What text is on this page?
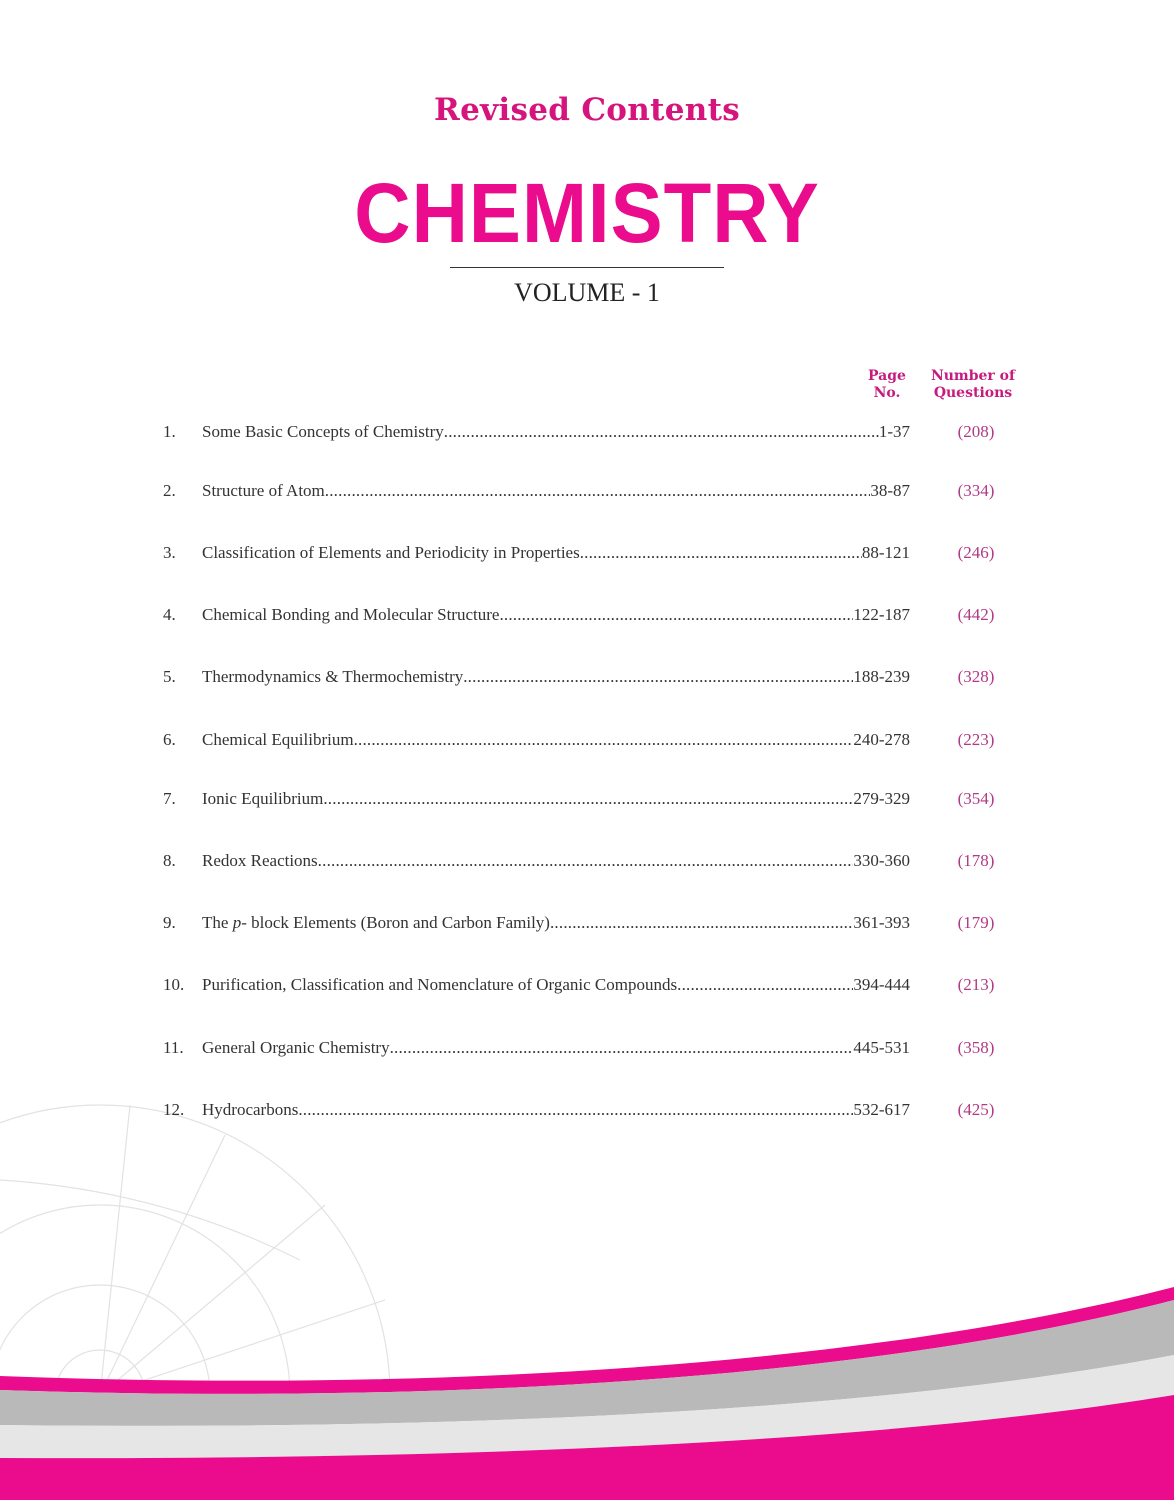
Revised Contents
CHEMISTRY
VOLUME - 1
Page
No.
Number of
Questions
1. Some Basic Concepts of Chemistry .....	1-37	(208)
2. Structure of Atom .....	38-87	(334)
3. Classification of Elements and Periodicity in Properties .....	88-121	(246)
4. Chemical Bonding and Molecular Structure .....	122-187	(442)
5. Thermodynamics & Thermochemistry .....	188-239	(328)
6. Chemical Equilibrium .....	240-278	(223)
7. Ionic Equilibrium .....	279-329	(354)
8. Redox Reactions .....	330-360	(178)
9. The p- block Elements (Boron and Carbon Family) .....	361-393	(179)
10. Purification, Classification and Nomenclature of Organic Compounds .....	394-444	(213)
11. General Organic Chemistry .....	445-531	(358)
12. Hydrocarbons .....	532-617	(425)
